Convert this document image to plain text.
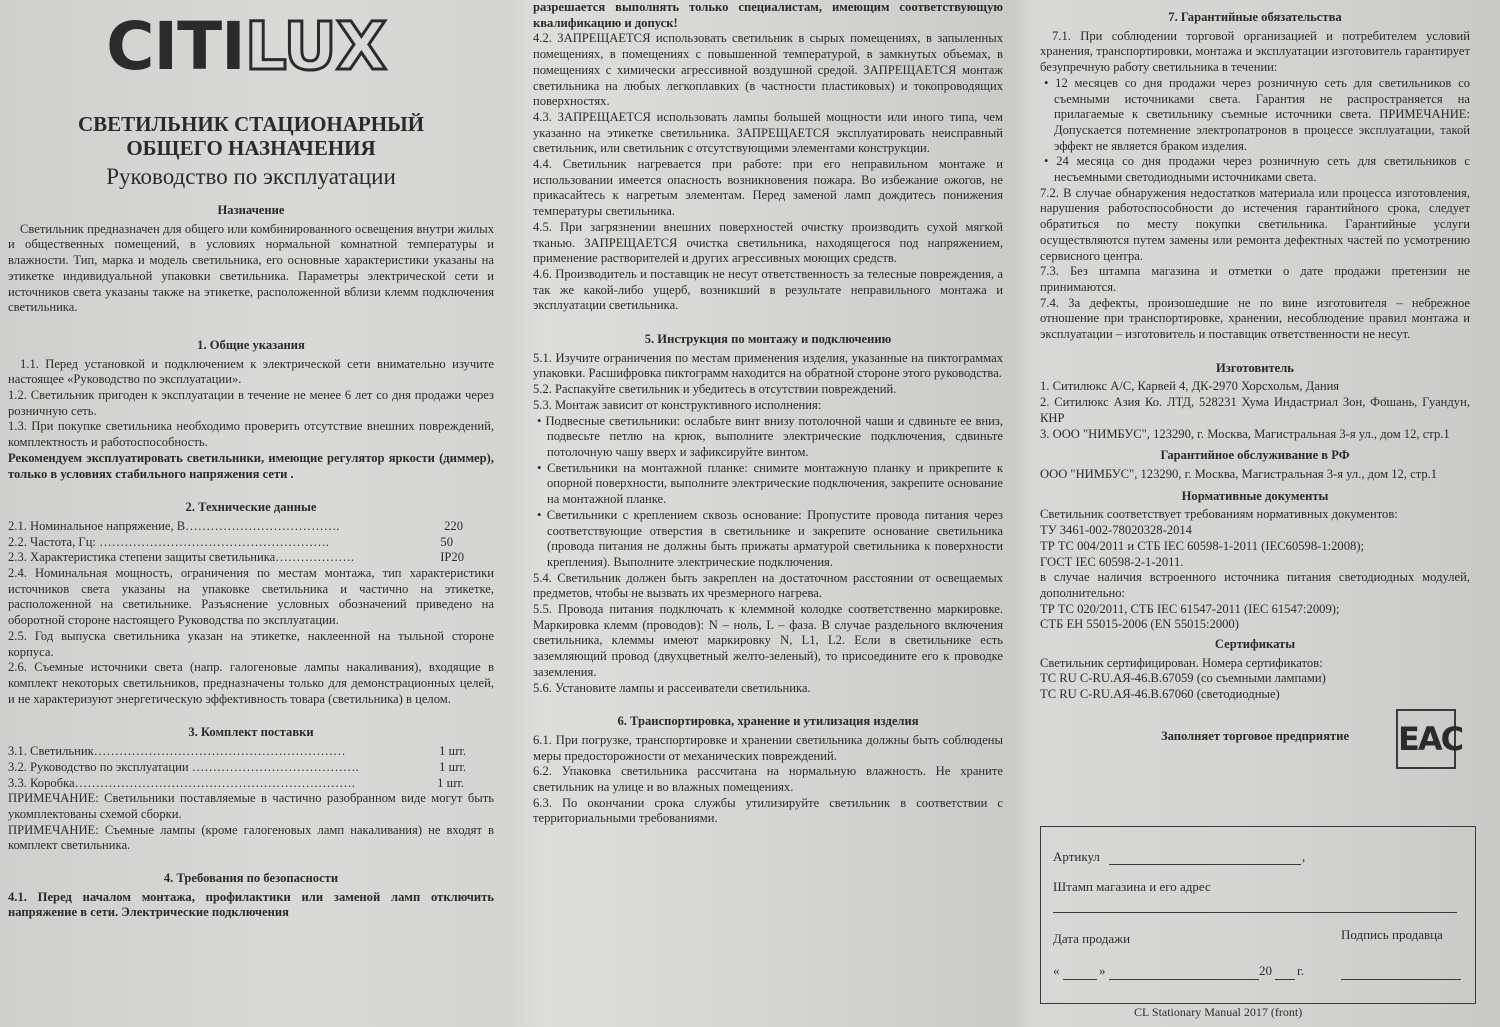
CITILUX
СВЕТИЛЬНИК СТАЦИОНАРНЫЙ
ОБЩЕГО НАЗНАЧЕНИЯ
Руководство по эксплуатации
Назначение

Светильник предназначен для общего или комбинированного освещения внутри жилых и общественных помещений, в условиях нормальной комнатной температуры и влажности. Тип, марка и модель светильника, его основные характеристики указаны на этикетке индивидуальной упаковки светильника. Параметры электрической сети и источников света указаны также на этикетке, расположенной вблизи клемм подключения светильника.

1. Общие указания

1.1. Перед установкой и подключением к электрической сети внимательно изучите настоящее «Руководство по эксплуатации».

1.2. Светильник пригоден к эксплуатации в течение не менее 6 лет со дня продажи через розничную сеть.

1.3. При покупке светильника необходимо проверить отсутствие внешних повреждений, комплектность и работоспособность.

Рекомендуем эксплуатировать светильники, имеющие регулятор яркости (диммер), только в условиях стабильного напряжения сети .

2. Технические данные
2.1. Номинальное напряжение, В……………………………….	220
2.2. Частота, Гц: ……………………………………………….	50
2.3. Характеристика степени защиты светильника……………….	IP20

2.4. Номинальная мощность, ограничения по местам монтажа, тип характеристики источников света указаны на упаковке светильника и частично на этикетке, расположенной на светильнике. Разъяснение условных обозначений приведено на оборотной стороне настоящего Руководства по эксплуатации.

2.5. Год выпуска светильника указан на этикетке, наклеенной на тыльной стороне корпуса.

2.6. Съемные источники света (напр. галогеновые лампы накаливания), входящие в комплект некоторых светильников, предназначены только для демонстрационных целей, и не характеризуют энергетическую эффективность товара (светильника) в целом.

3. Комплект поставки
3.1. Светильник……………………………………………………	1 шт.
3.2. Руководство по эксплуатации ………………………………….	1 шт.
3.3. Коробка………………………………………………………….	1 шт.

ПРИМЕЧАНИЕ: Светильники поставляемые в частично разобранном виде могут быть укомплектованы схемой сборки.

ПРИМЕЧАНИЕ: Съемные лампы (кроме галогеновых ламп накаливания) не входят в комплект светильника.

4. Требования по безопасности

4.1. Перед началом монтажа, профилактики или заменой ламп отключить напряжение в сети. Электрические подключения

разрешается выполнять только специалистам, имеющим соответствующую квалификацию и допуск!

4.2. ЗАПРЕЩАЕТСЯ использовать светильник в сырых помещениях, в запыленных помещениях, в помещениях с повышенной температурой, в замкнутых объемах, в помещениях с химически агрессивной воздушной средой. ЗАПРЕЩАЕТСЯ монтаж светильника на любых легкоплавких (в частности пластиковых) и токопроводящих поверхностях.

4.3. ЗАПРЕЩАЕТСЯ использовать лампы большей мощности или иного типа, чем указанно на этикетке светильника. ЗАПРЕЩАЕТСЯ эксплуатировать неисправный светильник, или светильник с отсутствующими элементами конструкции.

4.4. Светильник нагревается при работе: при его неправильном монтаже и использовании имеется опасность возникновения пожара. Во избежание ожогов, не прикасайтесь к нагретым элементам. Перед заменой ламп дождитесь понижения температуры светильника.

4.5. При загрязнении внешних поверхностей очистку производить сухой мягкой тканью. ЗАПРЕЩАЕТСЯ очистка светильника, находящегося под напряжением, применение растворителей и других агрессивных моющих средств.

4.6. Производитель и поставщик не несут ответственность за телесные повреждения, а так же какой-либо ущерб, возникший в результате неправильного монтажа и эксплуатации светильника.

5. Инструкция по монтажу и подключению

5.1. Изучите ограничения по местам применения изделия, указанные на пиктограммах упаковки. Расшифровка пиктограмм находится на обратной стороне этого руководства.

5.2. Распакуйте светильник и убедитесь в отсутствии повреждений.

5.3. Монтаж зависит от конструктивного исполнения:

• Подвесные светильники: ослабьте винт внизу потолочной чаши и сдвиньте ее вниз, подвесьте петлю на крюк, выполните электрические подключения, сдвиньте потолочную чашу вверх и зафиксируйте винтом.

• Светильники на монтажной планке: снимите монтажную планку и прикрепите к опорной поверхности, выполните электрические подключения, закрепите основание на монтажной планке.

• Светильники с креплением сквозь основание: Пропустите провода питания через соответствующие отверстия в светильнике и закрепите основание светильника (провода питания не должны быть прижаты арматурой светильника к поверхности крепления). Выполните электрические подключения.

5.4. Светильник должен быть закреплен на достаточном расстоянии от освещаемых предметов, чтобы не вызвать их чрезмерного нагрева.

5.5. Провода питания подключать к клеммной колодке соответственно маркировке. Маркировка клемм (проводов): N – ноль, L – фаза. В случае раздельного включения светильника, клеммы имеют маркировку N, L1, L2. Если в светильнике есть заземляющий провод (двухцветный желто-зеленый), то присоедините его к проводке заземления.

5.6. Установите лампы и рассеиватели светильника.

6. Транспортировка, хранение и утилизация изделия

6.1. При погрузке, транспортировке и хранении светильника должны быть соблюдены меры предосторожности от механических повреждений.

6.2. Упаковка светильника рассчитана на нормальную влажность. Не храните светильник на улице и во влажных помещениях.

6.3. По окончании срока службы утилизируйте светильник в соответствии с территориальными требованиями.

7. Гарантийные обязательства

7.1. При соблюдении торговой организацией и потребителем условий хранения, транспортировки, монтажа и эксплуатации изготовитель гарантирует безупречную работу светильника в течении:

• 12 месяцев со дня продажи через розничную сеть для светильников со съемными источниками света. Гарантия не распространяется на прилагаемые к светильнику съемные источники света. ПРИМЕЧАНИЕ: Допускается потемнение электропатронов в процессе эксплуатации, такой эффект не является браком изделия.

• 24 месяца со дня продажи через розничную сеть для светильников с несъемными светодиодными источниками света.

7.2. В случае обнаружения недостатков материала или процесса изготовления, нарушения работоспособности до истечения гарантийного срока, следует обратиться по месту покупки светильника. Гарантийные услуги осуществляются путем замены или ремонта дефектных частей по усмотрению сервисного центра.

7.3. Без штампа магазина и отметки о дате продажи претензии не принимаются.

7.4. За дефекты, произошедшие не по вине изготовителя – небрежное отношение при транспортировке, хранении, несоблюдение правил монтажа и эксплуатации – изготовитель и поставщик ответственности не несут.

Изготовитель

1. Ситилюкс А/С, Карвей 4, ДК-2970 Хорсхольм, Дания

2. Ситилюкс Азия Ко. ЛТД, 528231 Хума Индастриал Зон, Фошань, Гуандун, КНР

3. ООО "НИМБУС", 123290, г. Москва, Магистральная 3-я ул., дом 12, стр.1

Гарантийное обслуживание в РФ

ООО "НИМБУС", 123290, г. Москва, Магистральная 3-я ул., дом 12, стр.1

Нормативные документы

Светильник соответствует требованиям нормативных документов:

ТУ 3461-002-78020328-2014

ТР ТС 004/2011 и СТБ IEC 60598-1-2011 (IEC60598-1:2008);

ГОСТ IEC 60598-2-1-2011.

в случае наличия встроенного источника питания светодиодных модулей, дополнительно:

ТР ТС 020/2011, СТБ IEC 61547-2011 (IEC 61547:2009);

СТБ ЕН 55015-2006 (EN 55015:2000)

Сертификаты

Светильник сертифицирован. Номера сертификатов:

ТС RU С-RU.АЯ-46.В.67059 (со съемными лампами)

ТС RU С-RU.АЯ-46.В.67060 (светодиодные)

Заполняет торговое предприятие	ЕАС
Артикул	,
Штамп магазина и его адрес
Дата продажи	Подпись продавца
«	»	20 г.
CL Stationary Manual 2017 (front)
